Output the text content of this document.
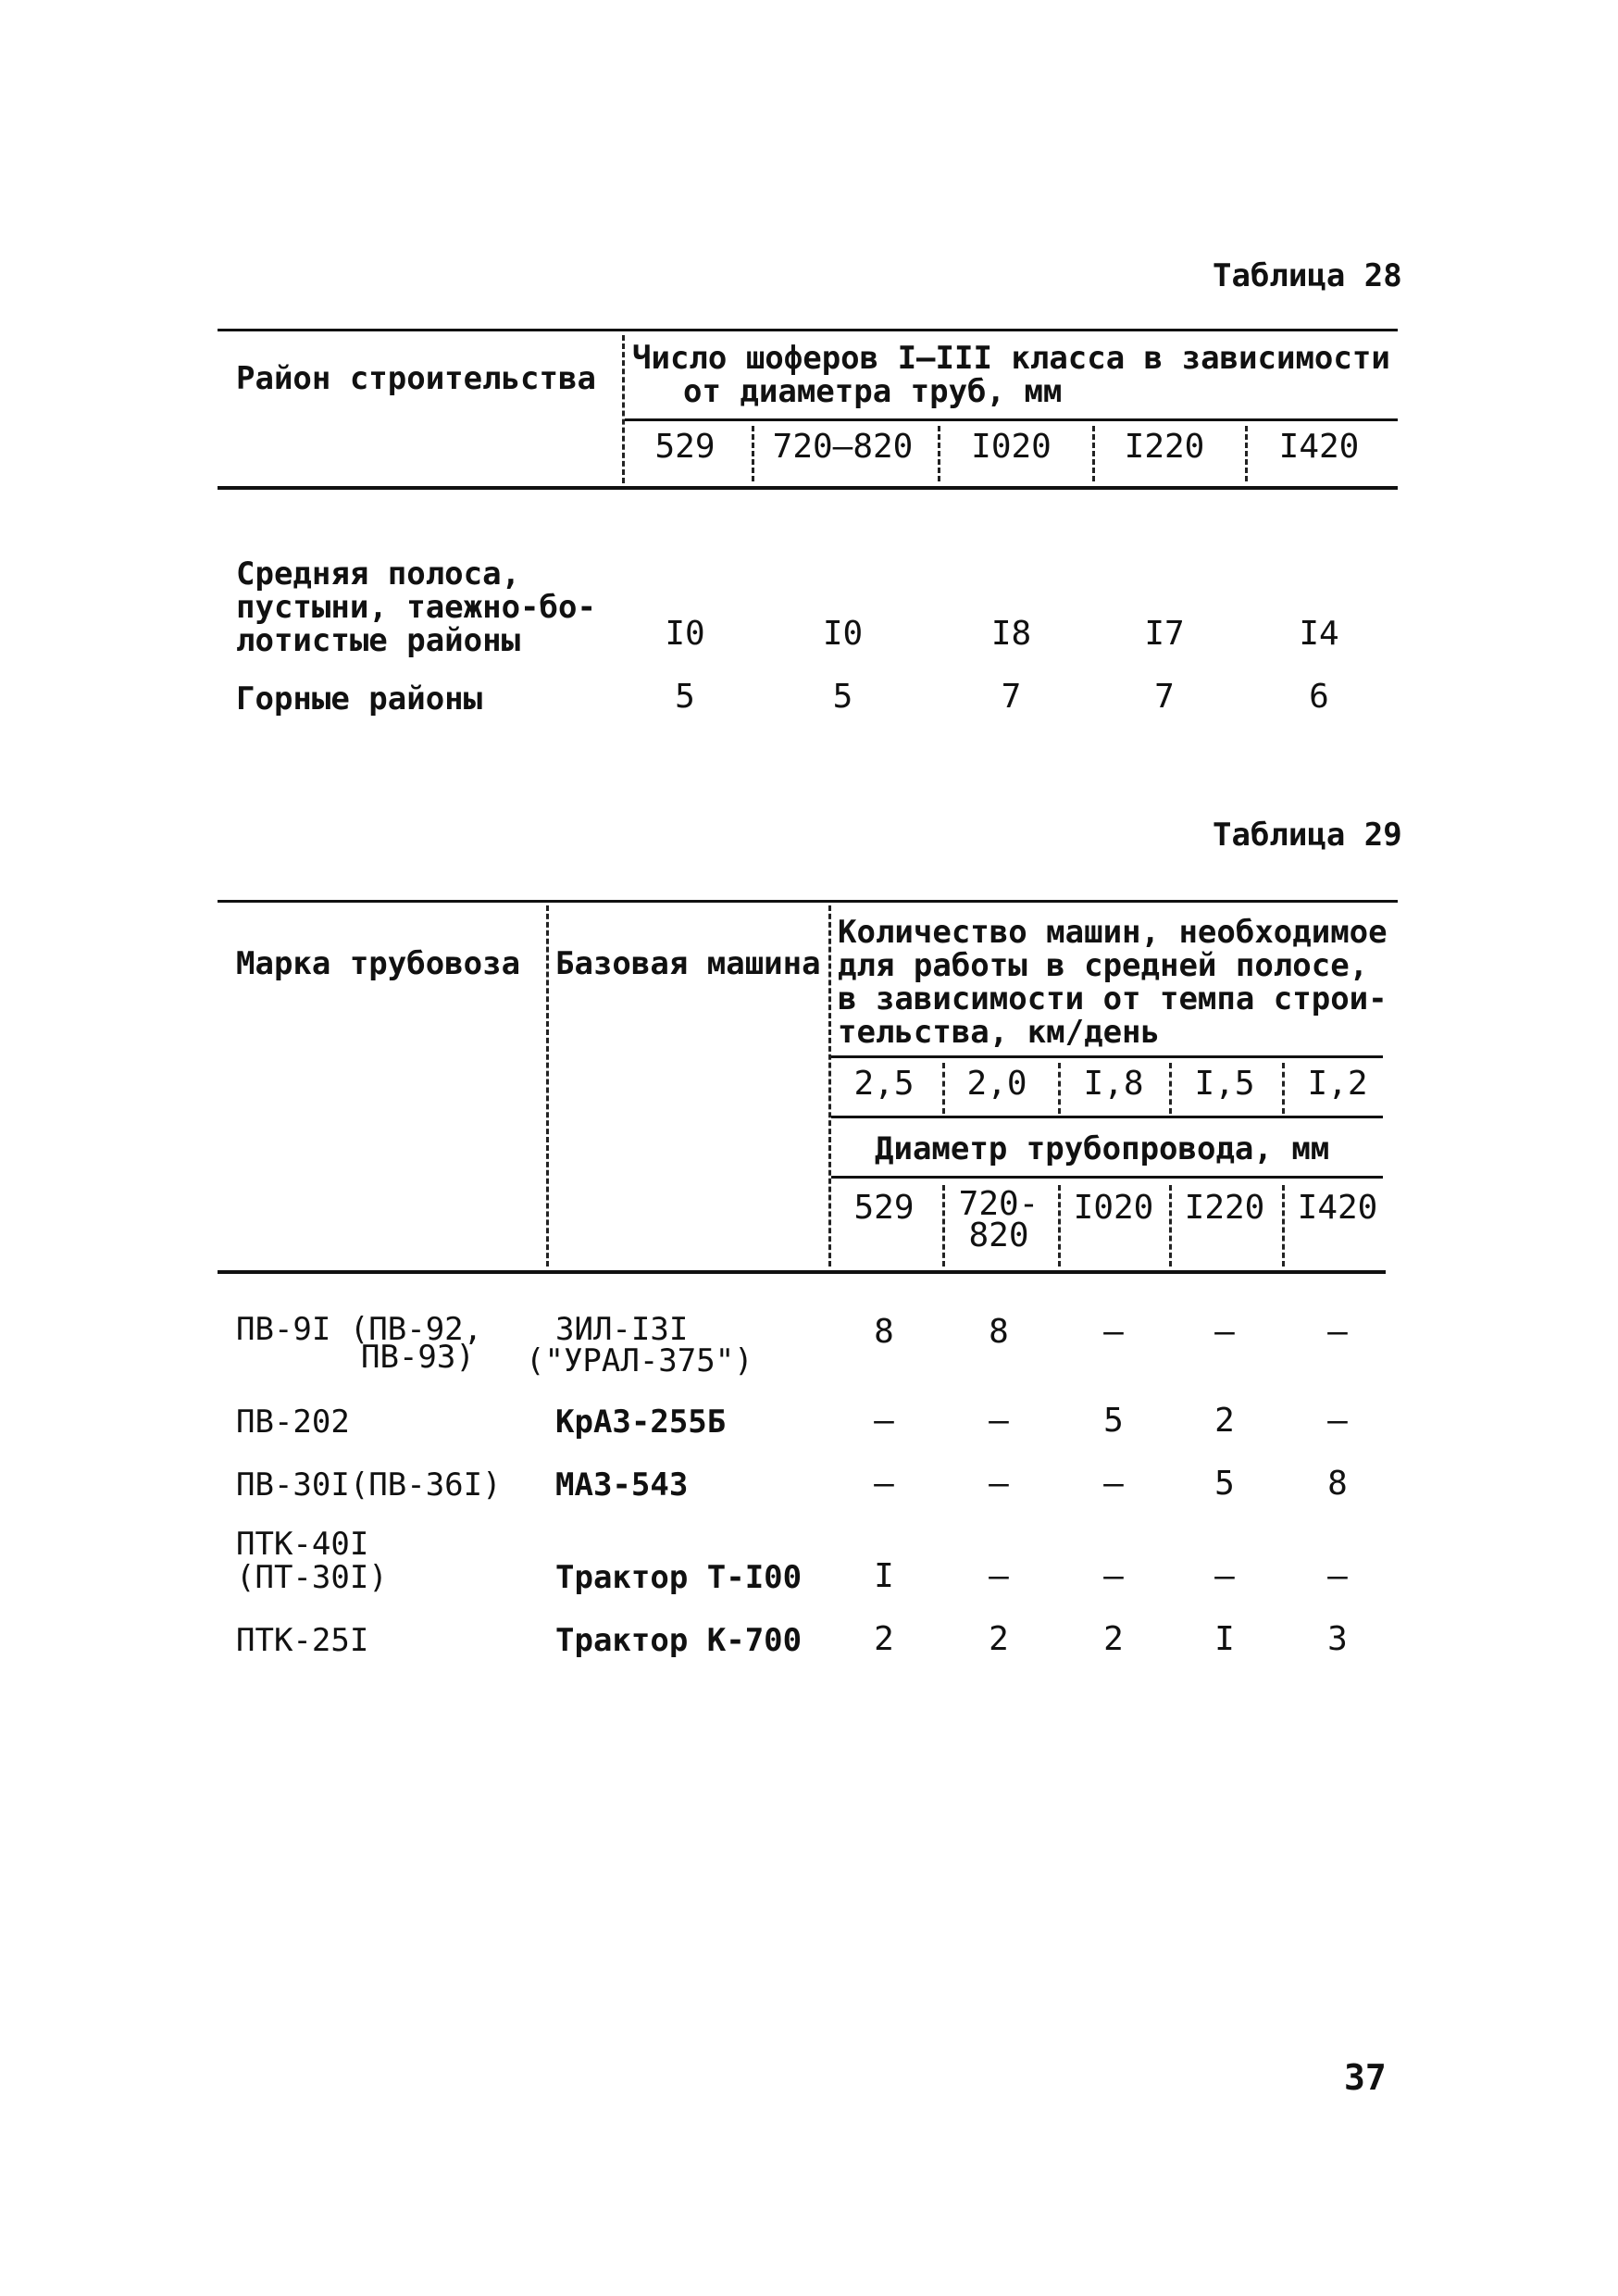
Таблица 28
Район строительства
Число шоферов I–III класса в зависимости
от диаметра труб, мм
529	720–820	I020	I220	I420
Средняя полоса,
пустыни, таежно-бо-
лотистые районы	I0	I0	I8	I7	I4
Горные районы	5	5	7	7	6
Таблица 29
Марка трубовоза Базовая машина
Количество машин, необходимое
для работы в средней полосе,
в зависимости от темпа строи-
тельства, км/день
2,5	2,0	I,8	I,5	I,2
Диаметр трубопровода, мм
529	720-
820
I020 I220 I420
ПВ-9I (ПВ-92,
ПВ-93)
ЗИЛ-I3I
("УРАЛ-375")
8	8	–	–	–
ПВ-202	КрАЗ-255Б	–	–	5	2	–
ПВ-30I(ПВ-36I) МАЗ-543	–	–	–	5	8
ПТК-40I
(ПТ-30I)	Трактор Т-I00	I	–	–	–	–
ПТК-25I	Трактор К-700	2	2	2	I	3
37
